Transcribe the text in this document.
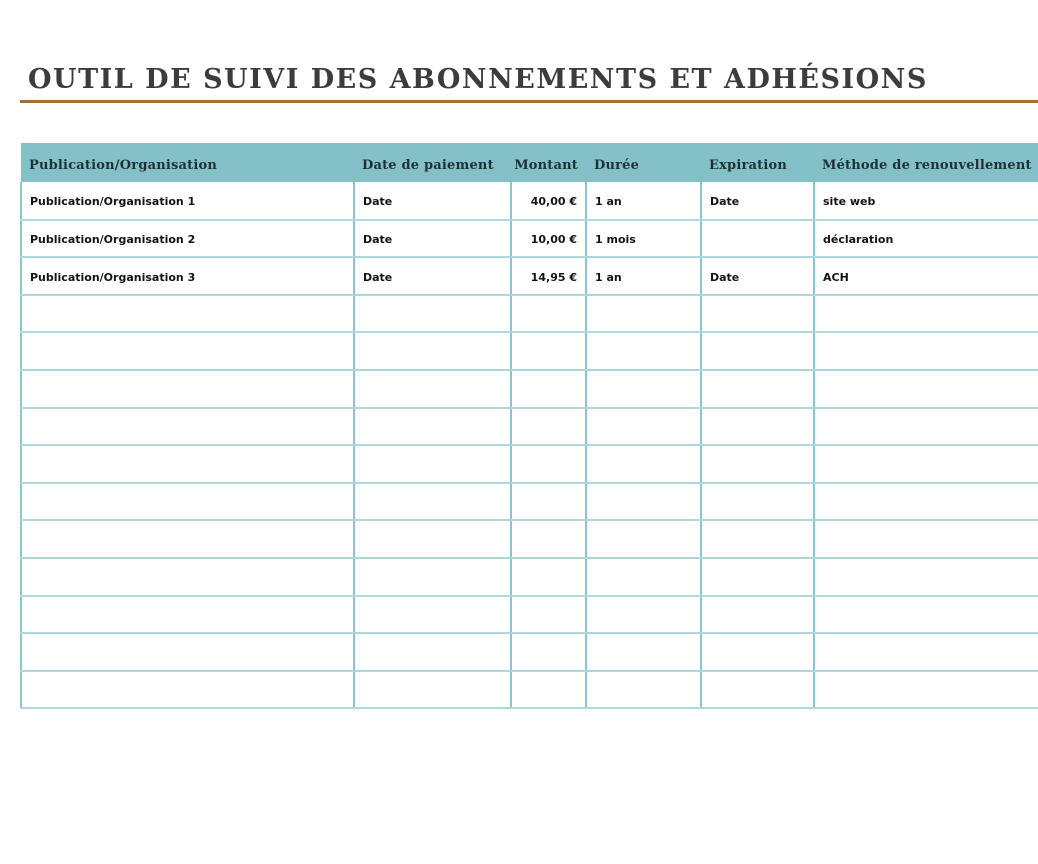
OUTIL DE SUIVI DES ABONNEMENTS ET ADHÉSIONS
Publication/Organisation	Date de paiement	Montant	Durée	Expiration	Méthode de renouvellement
Publication/Organisation 1	Date	40,00 €	1 an	Date	site web
Publication/Organisation 2	Date	10,00 €	1 mois		déclaration
Publication/Organisation 3	Date	14,95 €	1 an	Date	ACH
